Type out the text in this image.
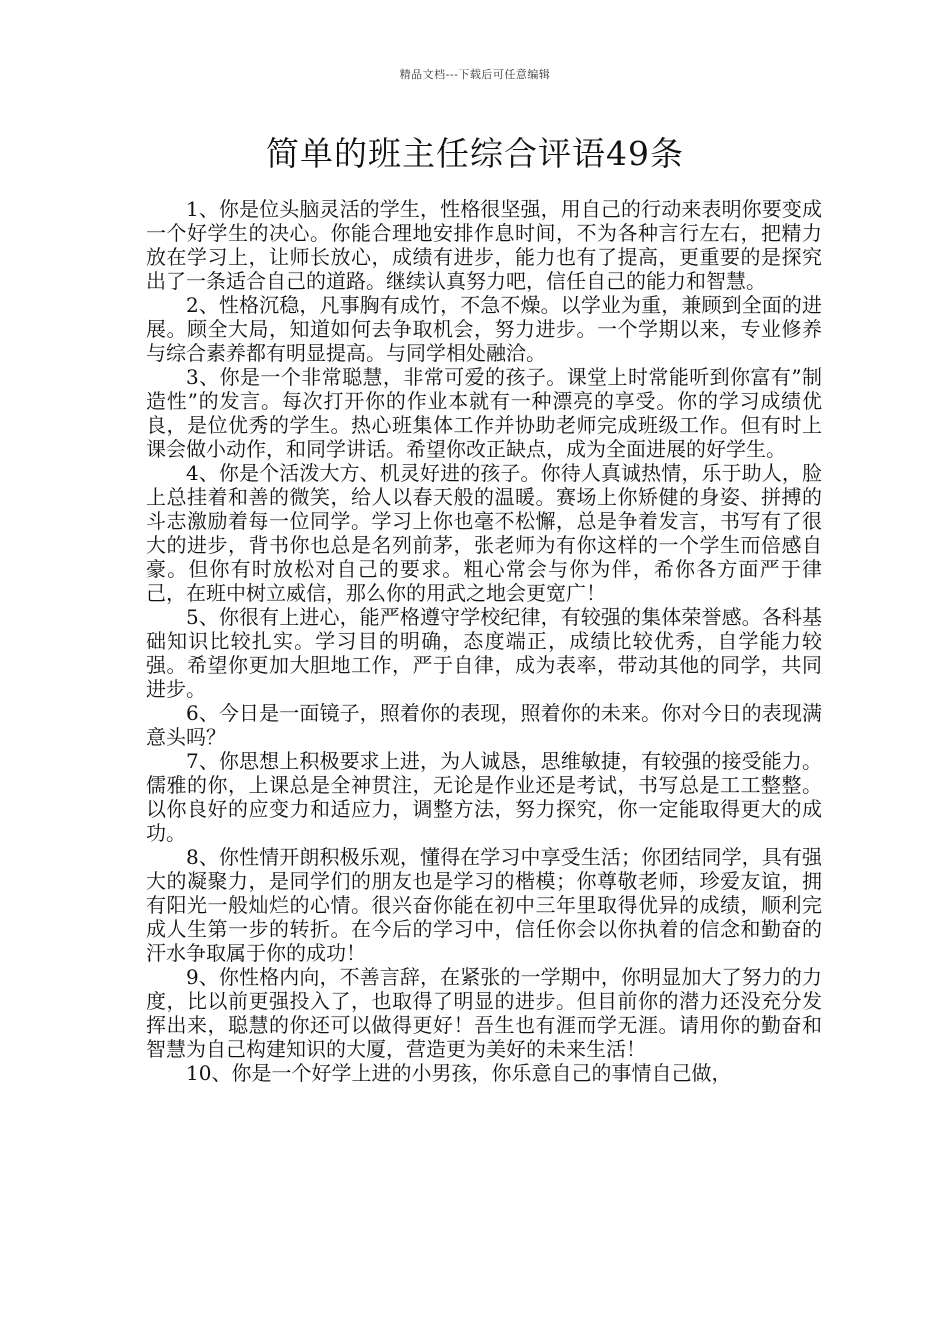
精品文档---下载后可任意编辑
简单的班主任综合评语49条

1、你是位头脑灵活的学生，性格很坚强，用自己的行动来表明你要变成一个好学生的决心。你能合理地安排作息时间，不为各种言行左右，把精力放在学习上，让师长放心，成绩有进步，能力也有了提高，更重要的是探究出了一条适合自己的道路。继续认真努力吧，信任自己的能力和智慧。

2、性格沉稳，凡事胸有成竹，不急不燥。以学业为重，兼顾到全面的进展。顾全大局，知道如何去争取机会，努力进步。一个学期以来，专业修养与综合素养都有明显提高。与同学相处融洽。

3、你是一个非常聪慧，非常可爱的孩子。课堂上时常能听到你富有”制造性”的发言。每次打开你的作业本就有一种漂亮的享受。你的学习成绩优良，是位优秀的学生。热心班集体工作并协助老师完成班级工作。但有时上课会做小动作，和同学讲话。希望你改正缺点，成为全面进展的好学生。

4、你是个活泼大方、机灵好进的孩子。你待人真诚热情，乐于助人，脸上总挂着和善的微笑，给人以春天般的温暖。赛场上你矫健的身姿、拼搏的斗志激励着每一位同学。学习上你也毫不松懈，总是争着发言，书写有了很大的进步，背书你也总是名列前茅，张老师为有你这样的一个学生而倍感自豪。但你有时放松对自己的要求。粗心常会与你为伴，希你各方面严于律己，在班中树立威信，那么你的用武之地会更宽广！

5、你很有上进心，能严格遵守学校纪律，有较强的集体荣誉感。各科基础知识比较扎实。学习目的明确，态度端正，成绩比较优秀，自学能力较强。希望你更加大胆地工作，严于自律，成为表率，带动其他的同学，共同进步。

6、今日是一面镜子，照着你的表现，照着你的未来。你对今日的表现满意头吗？

7、你思想上积极要求上进，为人诚恳，思维敏捷，有较强的接受能力。儒雅的你，上课总是全神贯注，无论是作业还是考试，书写总是工工整整。以你良好的应变力和适应力，调整方法，努力探究，你一定能取得更大的成功。

8、你性情开朗积极乐观，懂得在学习中享受生活；你团结同学，具有强大的凝聚力，是同学们的朋友也是学习的楷模；你尊敬老师，珍爱友谊，拥有阳光一般灿烂的心情。很兴奋你能在初中三年里取得优异的成绩，顺利完成人生第一步的转折。在今后的学习中，信任你会以你执着的信念和勤奋的汗水争取属于你的成功！

9、你性格内向，不善言辞，在紧张的一学期中，你明显加大了努力的力度，比以前更强投入了，也取得了明显的进步。但目前你的潜力还没充分发挥出来，聪慧的你还可以做得更好！吾生也有涯而学无涯。请用你的勤奋和智慧为自己构建知识的大厦，营造更为美好的未来生活！

10、你是一个好学上进的小男孩，你乐意自己的事情自己做，
